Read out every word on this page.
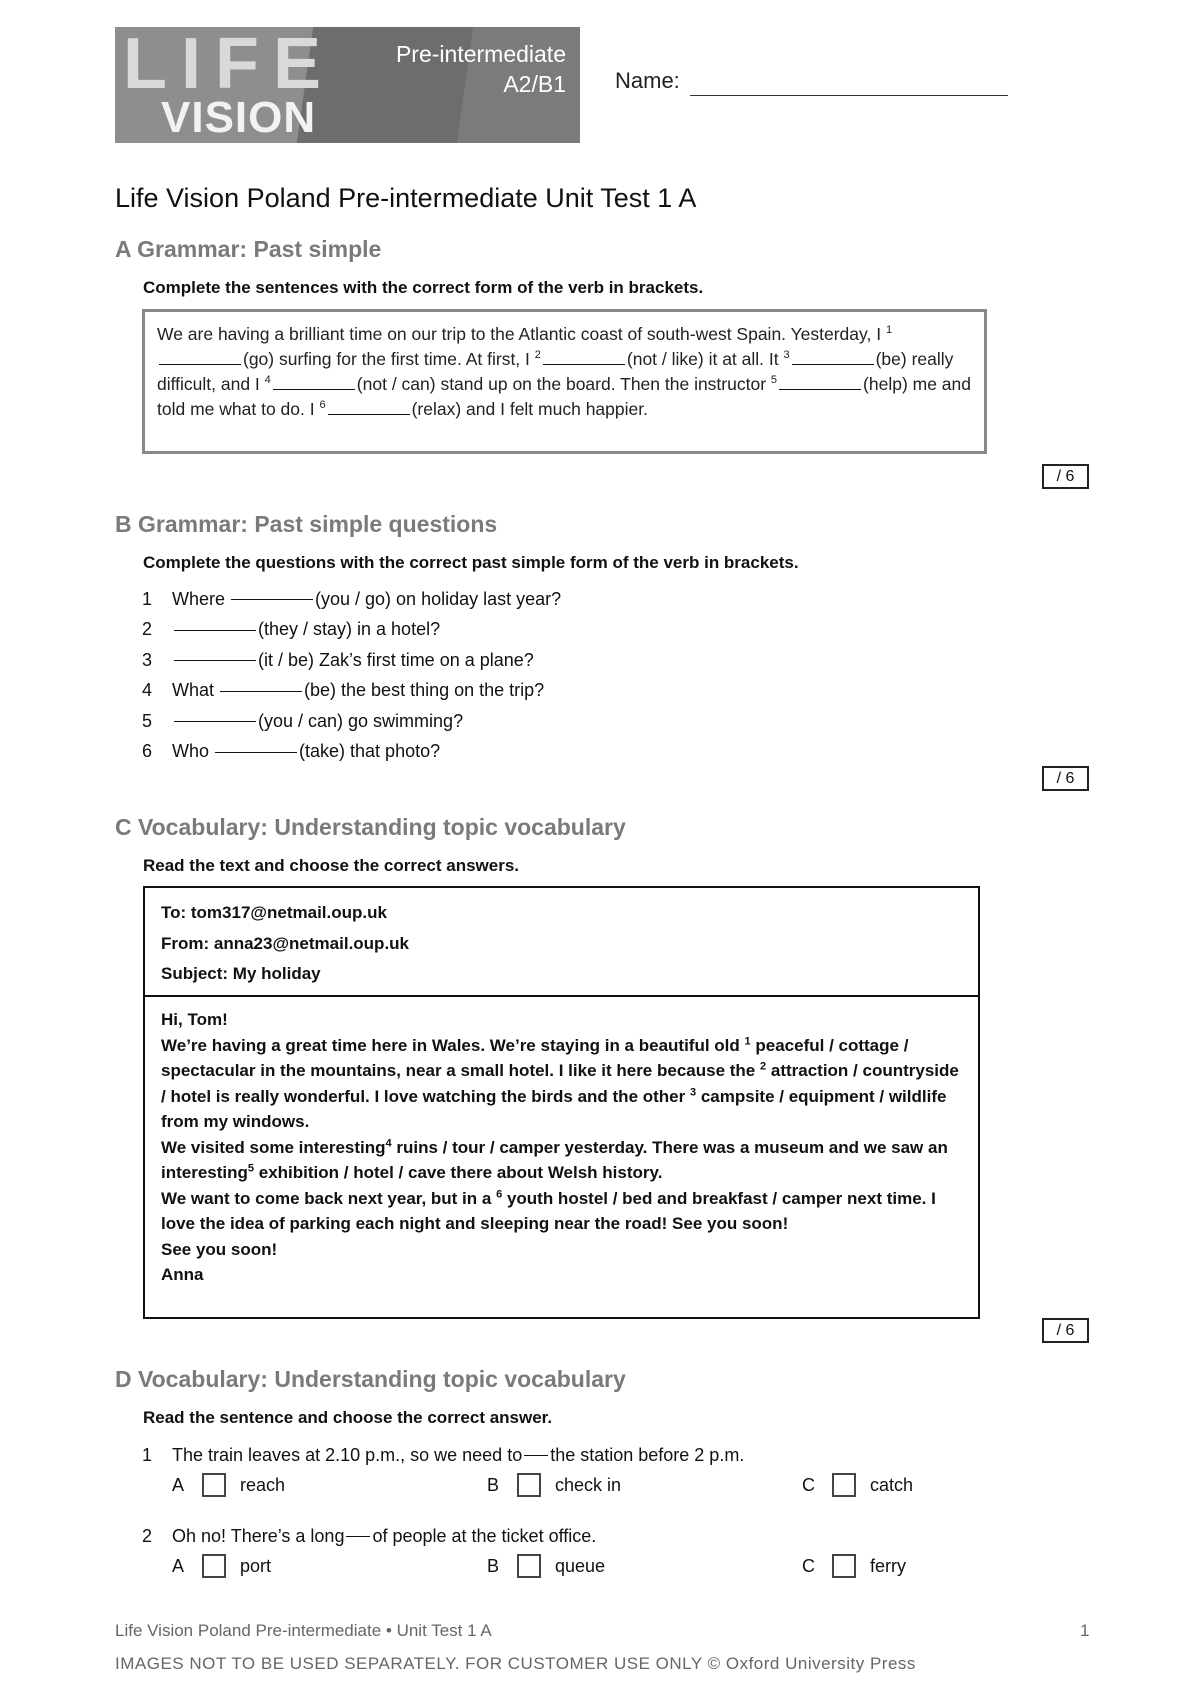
LIFE
VISION
Pre-intermediate
A2/B1 Name:
Life Vision Poland Pre-intermediate Unit Test 1 A
A Grammar: Past simple
Complete the sentences with the correct form of the verb in brackets.

We are having a brilliant time on our trip to the Atlantic coast of south-west Spain. Yesterday, I $^1$(go) surfing for the first time. At first, I $^2$	(not / like) it at all. It $^3$	(be) really difficult, and I $^4$	(not / can) stand up on the board. Then the instructor $^5$	(help) me and told me what to do. I $^6$	(relax) and I felt much happier.

/ 6
B Grammar: Past simple questions
Complete the questions with the correct past simple form of the verb in brackets.
1	Where	(you / go) on holiday last year?
2	(they / stay) in a hotel?
3	(it / be) Zak’s first time on a plane?
4	What	(be) the best thing on the trip?
5	(you / can) go swimming?
6	Who	(take) that photo?
/ 6
C Vocabulary: Understanding topic vocabulary
Read the text and choose the correct answers.
To: tom317@netmail.oup.uk
From: anna23@netmail.oup.uk
Subject: My holiday

Hi, Tom!

We’re having a great time here in Wales. We’re staying in a beautiful old $^1$ peaceful / cottage / spectacular in the mountains, near a small hotel. I like it here because the $^2$ attraction / countryside / hotel is really wonderful. I love watching the birds and the other $^3$ campsite / equipment / wildlife from my windows.

We visited some interesting$^4$ ruins / tour / camper yesterday. There was a museum and we saw an interesting$^5$ exhibition / hotel / cave there about Welsh history.

We want to come back next year, but in a $^6$ youth hostel / bed and breakfast / camper next time. I love the idea of parking each night and sleeping near the road! See you soon!

See you soon!

Anna

/ 6
D Vocabulary: Understanding topic vocabulary
Read the sentence and choose the correct answer.
1	The train leaves at 2.10 p.m., so we need to the station before 2 p.m.
A	reach	B	check in	C	catch
2	Oh no! There’s a long of people at the ticket office.
A	port	B	queue	C	ferry
Life Vision Poland Pre-intermediate • Unit Test 1 A	1
IMAGES NOT TO BE USED SEPARATELY. FOR CUSTOMER USE ONLY © Oxford University Press
